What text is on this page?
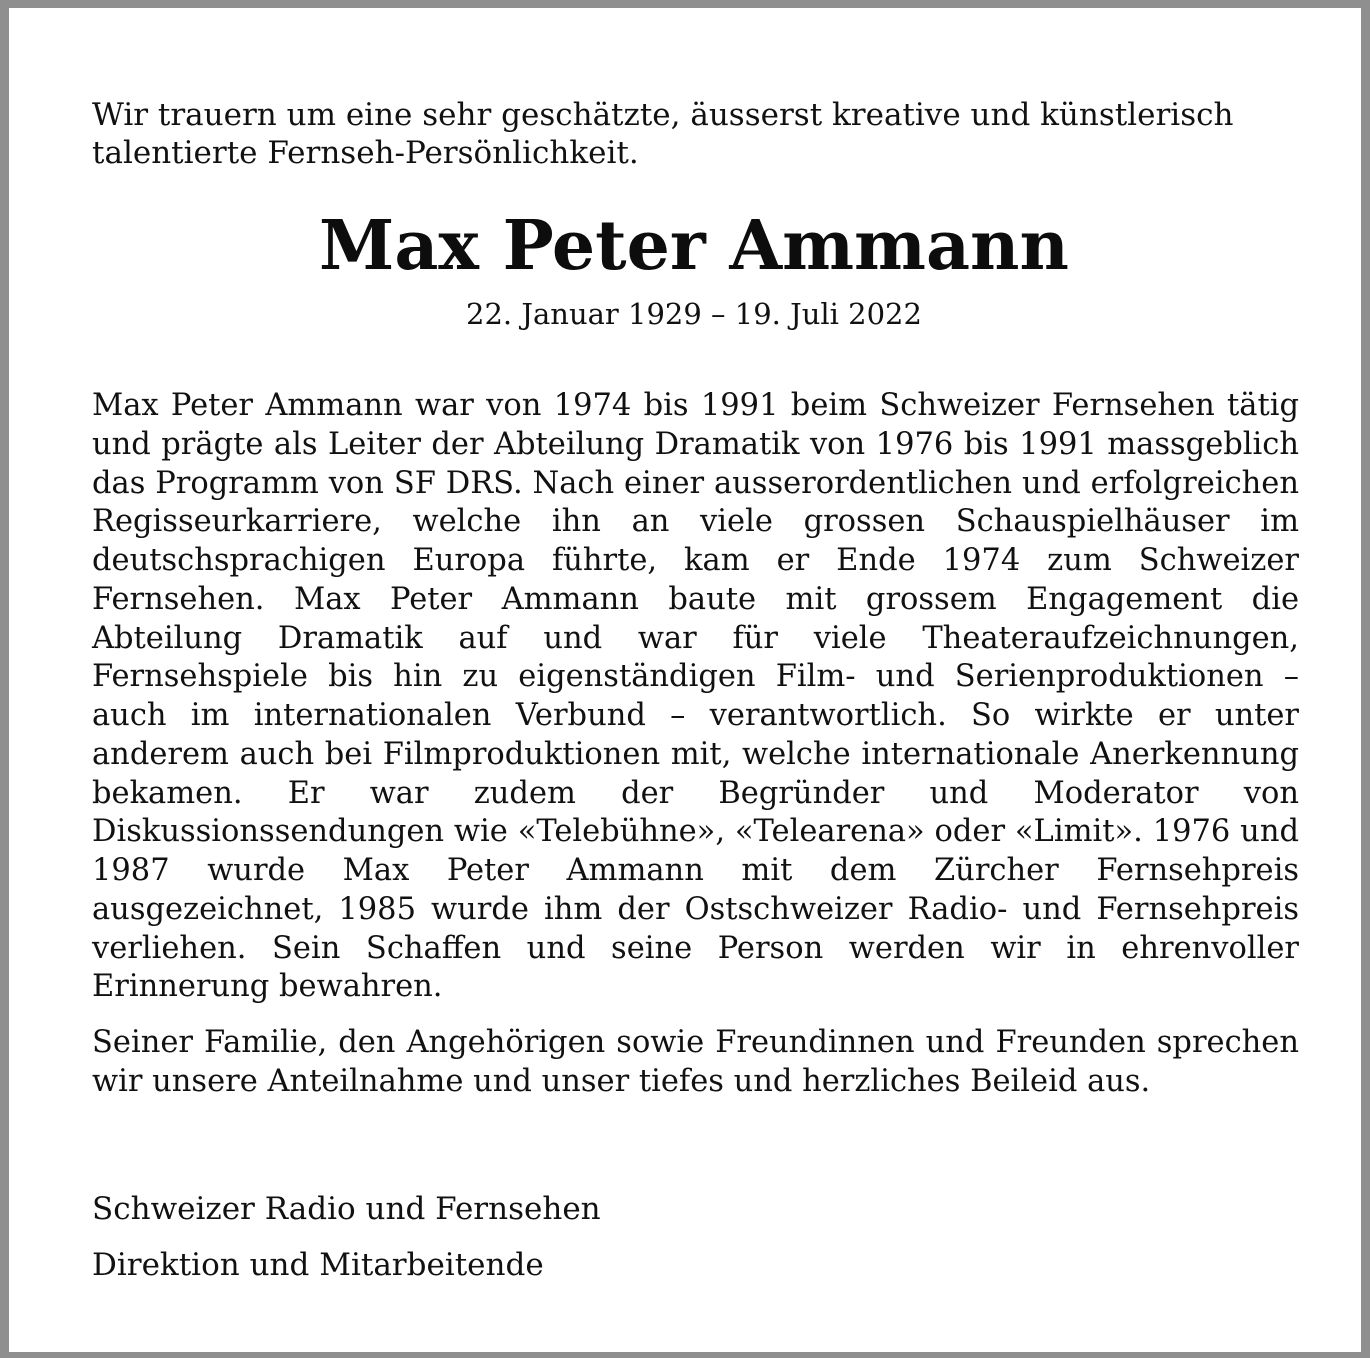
Wir trauern um eine sehr geschätzte, äusserst kreative und künstlerisch talentierte Fernseh-Persönlichkeit.

Max Peter Ammann

22. Januar 1929 – 19. Juli 2022

Max Peter Ammann war von 1974 bis 1991 beim Schweizer Fernsehen tätig und prägte als Leiter der Abteilung Dramatik von 1976 bis 1991 massgeblich das Programm von SF DRS. Nach einer ausserordentlichen und erfolgreichen Regisseurkarriere, welche ihn an viele grossen Schauspielhäuser im deutschsprachigen Europa führte, kam er Ende 1974 zum Schweizer Fernsehen. Max Peter Ammann baute mit grossem Engagement die Abteilung Dramatik auf und war für viele Theateraufzeichnungen, Fernsehspiele bis hin zu eigenständigen Film- und Serienproduktionen – auch im internationalen Verbund – verantwortlich. So wirkte er unter anderem auch bei Filmproduktionen mit, welche internationale Anerkennung bekamen. Er war zudem der Begründer und Moderator von Diskussionssendungen wie «Telebühne», «Telearena» oder «Limit». 1976 und 1987 wurde Max Peter Ammann mit dem Zürcher Fernsehpreis ausgezeichnet, 1985 wurde ihm der Ostschweizer Radio- und Fernsehpreis verliehen. Sein Schaffen und seine Person werden wir in ehrenvoller Erinnerung bewahren.

Seiner Familie, den Angehörigen sowie Freundinnen und Freunden sprechen wir unsere Anteilnahme und unser tiefes und herzliches Beileid aus.

Schweizer Radio und Fernsehen

Direktion und Mitarbeitende
